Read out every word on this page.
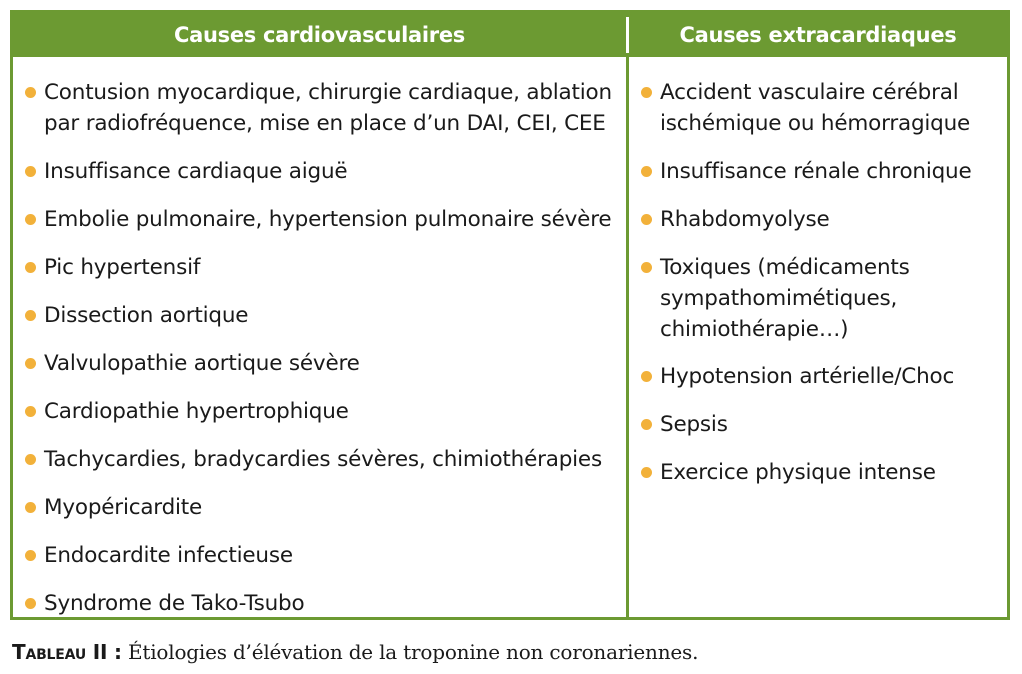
Causes cardiovasculaires	Causes extracardiaques
Contusion myocardique, chirurgie cardiaque, ablation par radiofréquence, mise en place d’un DAI, CEI, CEE
Insuffisance cardiaque aiguë
Embolie pulmonaire, hypertension pulmonaire sévère
Pic hypertensif
Dissection aortique
Valvulopathie aortique sévère
Cardiopathie hypertrophique
Tachycardies, bradycardies sévères, chimiothérapies
Myopéricardite
Endocardite infectieuse
Syndrome de Tako-Tsubo
Accident vasculaire cérébral ischémique ou hémorragique
Insuffisance rénale chronique
Rhabdomyolyse
Toxiques (médicaments sympathomimétiques, chimiothérapie…)
Hypotension artérielle/Choc
Sepsis
Exercice physique intense
Tableau II : Étiologies d’élévation de la troponine non coronariennes.
